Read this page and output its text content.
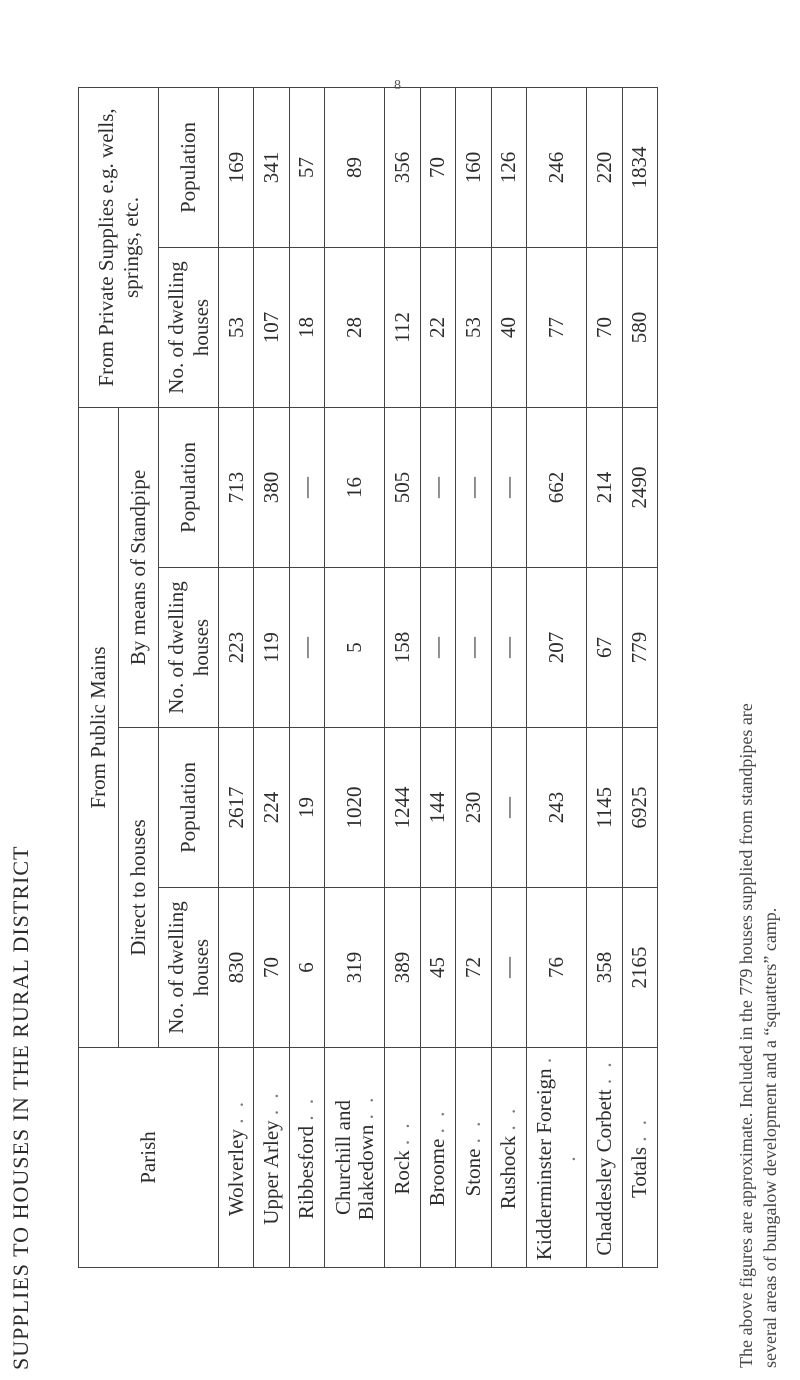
8
SUPPLIES TO HOUSES IN THE RURAL DISTRICT	Parish	From Public Mains				From Private Supplies e.g. wells, springs, etc.	
	Direct to houses		By means of Standpipe			
	No. of dwelling houses	Population	No. of dwelling houses	Population	No. of dwelling houses	Population
Wolverley . .	830	2617	223	713	53	169
Upper Arley . .	70	224	119	380	107	341
Ribbesford . .	6	19	—	—	18	57
Churchill and Blakedown . .	319	1020	5	16	28	89
Rock . .	389	1244	158	505	112	356
Broome . .	45	144	—	—	22	70
Stone . .	72	230	—	—	53	160
Rushock . .	—	—	—	—	40	126
Kidderminster Foreign . .	76	243	207	662	77	246
Chaddesley Corbett . .	358	1145	67	214	70	220
Totals . .	2165	6925	779	2490	580	1834
The above figures are approximate. Included in the 779 houses supplied from standpipes are several areas of bungalow development and a “squatters” camp.
